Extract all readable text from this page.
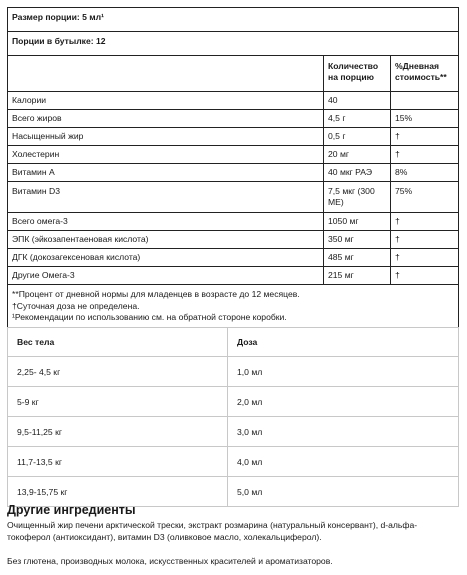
Размер порции: 5 мл¹		
Порции в бутылке: 12		
	Количество на порцию	%Дневная стоимость**
Калории	40	
Всего жиров	4,5 г	15%
Насыщенный жир	0,5 г	†
Холестерин	20 мг	†
Витамин А	40 мкг РАЭ	8%
Витамин D3	7,5 мкг (300 МЕ)	75%
Всего омега-3	1050 мг	†
ЭПК (эйкозапентаеновая кислота)	350 мг	†
ДГК (докозагексеновая кислота)	485 мг	†
Другие Омега-3	215 мг	†

**Процент от дневной нормы для младенцев в возрасте до 12 месяцев.
†Суточная доза не определена.
¹Рекомендации по использованию см. на обратной стороне коробки.		
Вес тела	Доза
2,25- 4,5 кг	1,0 мл
5-9 кг	2,0 мл
9,5-11,25 кг	3,0 мл
11,7-13,5 кг	4,0 мл
13,9-15,75 кг	5,0 мл
Другие ингредиенты
Очищенный жир печени арктической трески, экстракт розмарина (натуральный консервант), d-альфа-токоферол (антиоксидант), витамин D3 (оливковое масло, холекальциферол).
Без глютена, производных молока, искусственных красителей и ароматизаторов.
